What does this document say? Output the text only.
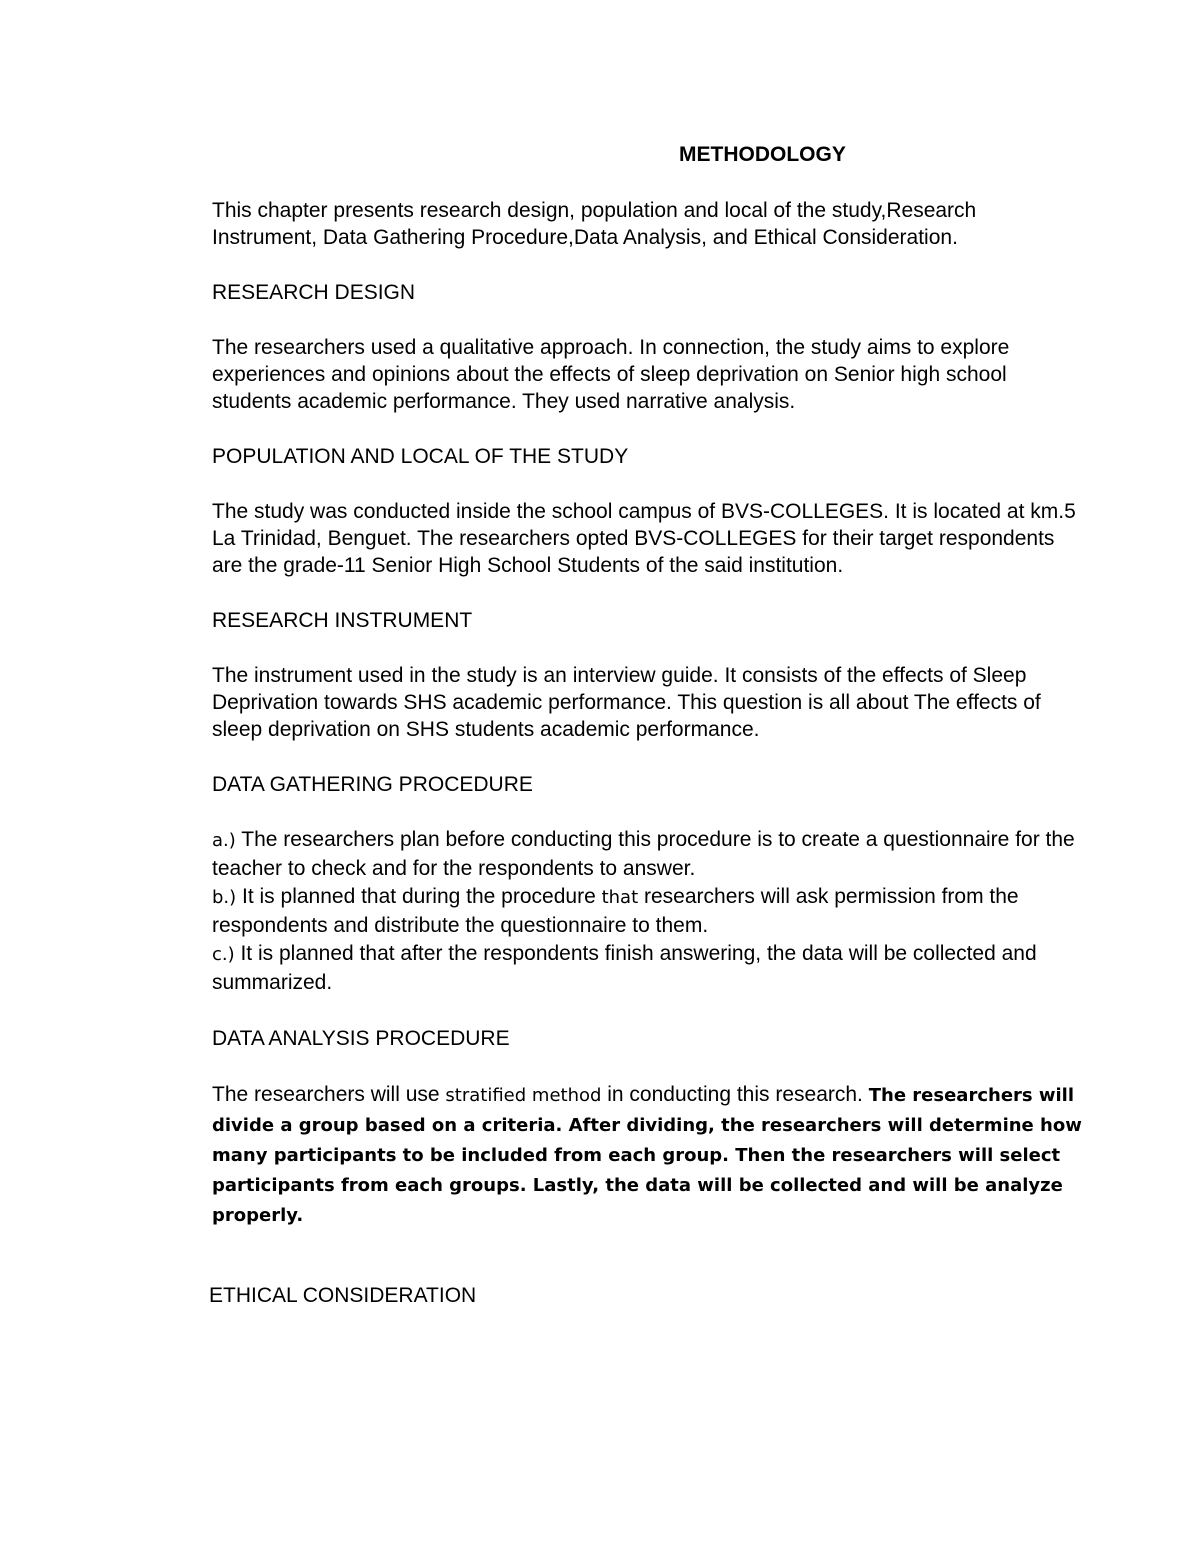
METHODOLOGY

This chapter presents research design, population and local of the study,Research Instrument, Data Gathering Procedure,Data Analysis, and Ethical Consideration.

RESEARCH DESIGN

The researchers used a qualitative approach. In connection, the study aims to explore experiences and opinions about the effects of sleep deprivation on Senior high school students academic performance. They used narrative analysis.

POPULATION AND LOCAL OF THE STUDY

The study was conducted inside the school campus of BVS-COLLEGES. It is located at km.5 La Trinidad, Benguet. The researchers opted BVS-COLLEGES for their target respondents are the grade-11 Senior High School Students of the said institution.

RESEARCH INSTRUMENT

The instrument used in the study is an interview guide. It consists of the effects of Sleep Deprivation towards SHS academic performance. This question is all about The effects of sleep deprivation on SHS students academic performance.

DATA GATHERING PROCEDURE
a.) The researchers plan before conducting this procedure is to create a questionnaire for the teacher to check and for the respondents to answer.
b.) It is planned that during the procedure that researchers will ask permission from the respondents and distribute the questionnaire to them.
c.) It is planned that after the respondents finish answering, the data will be collected and summarized.
DATA ANALYSIS PROCEDURE

The researchers will use stratified method in conducting this research. The researchers will divide a group based on a criteria. After dividing, the researchers will determine how many participants to be included from each group. Then the researchers will select participants from each groups. Lastly, the data will be collected and will be analyze properly.

ETHICAL CONSIDERATION
